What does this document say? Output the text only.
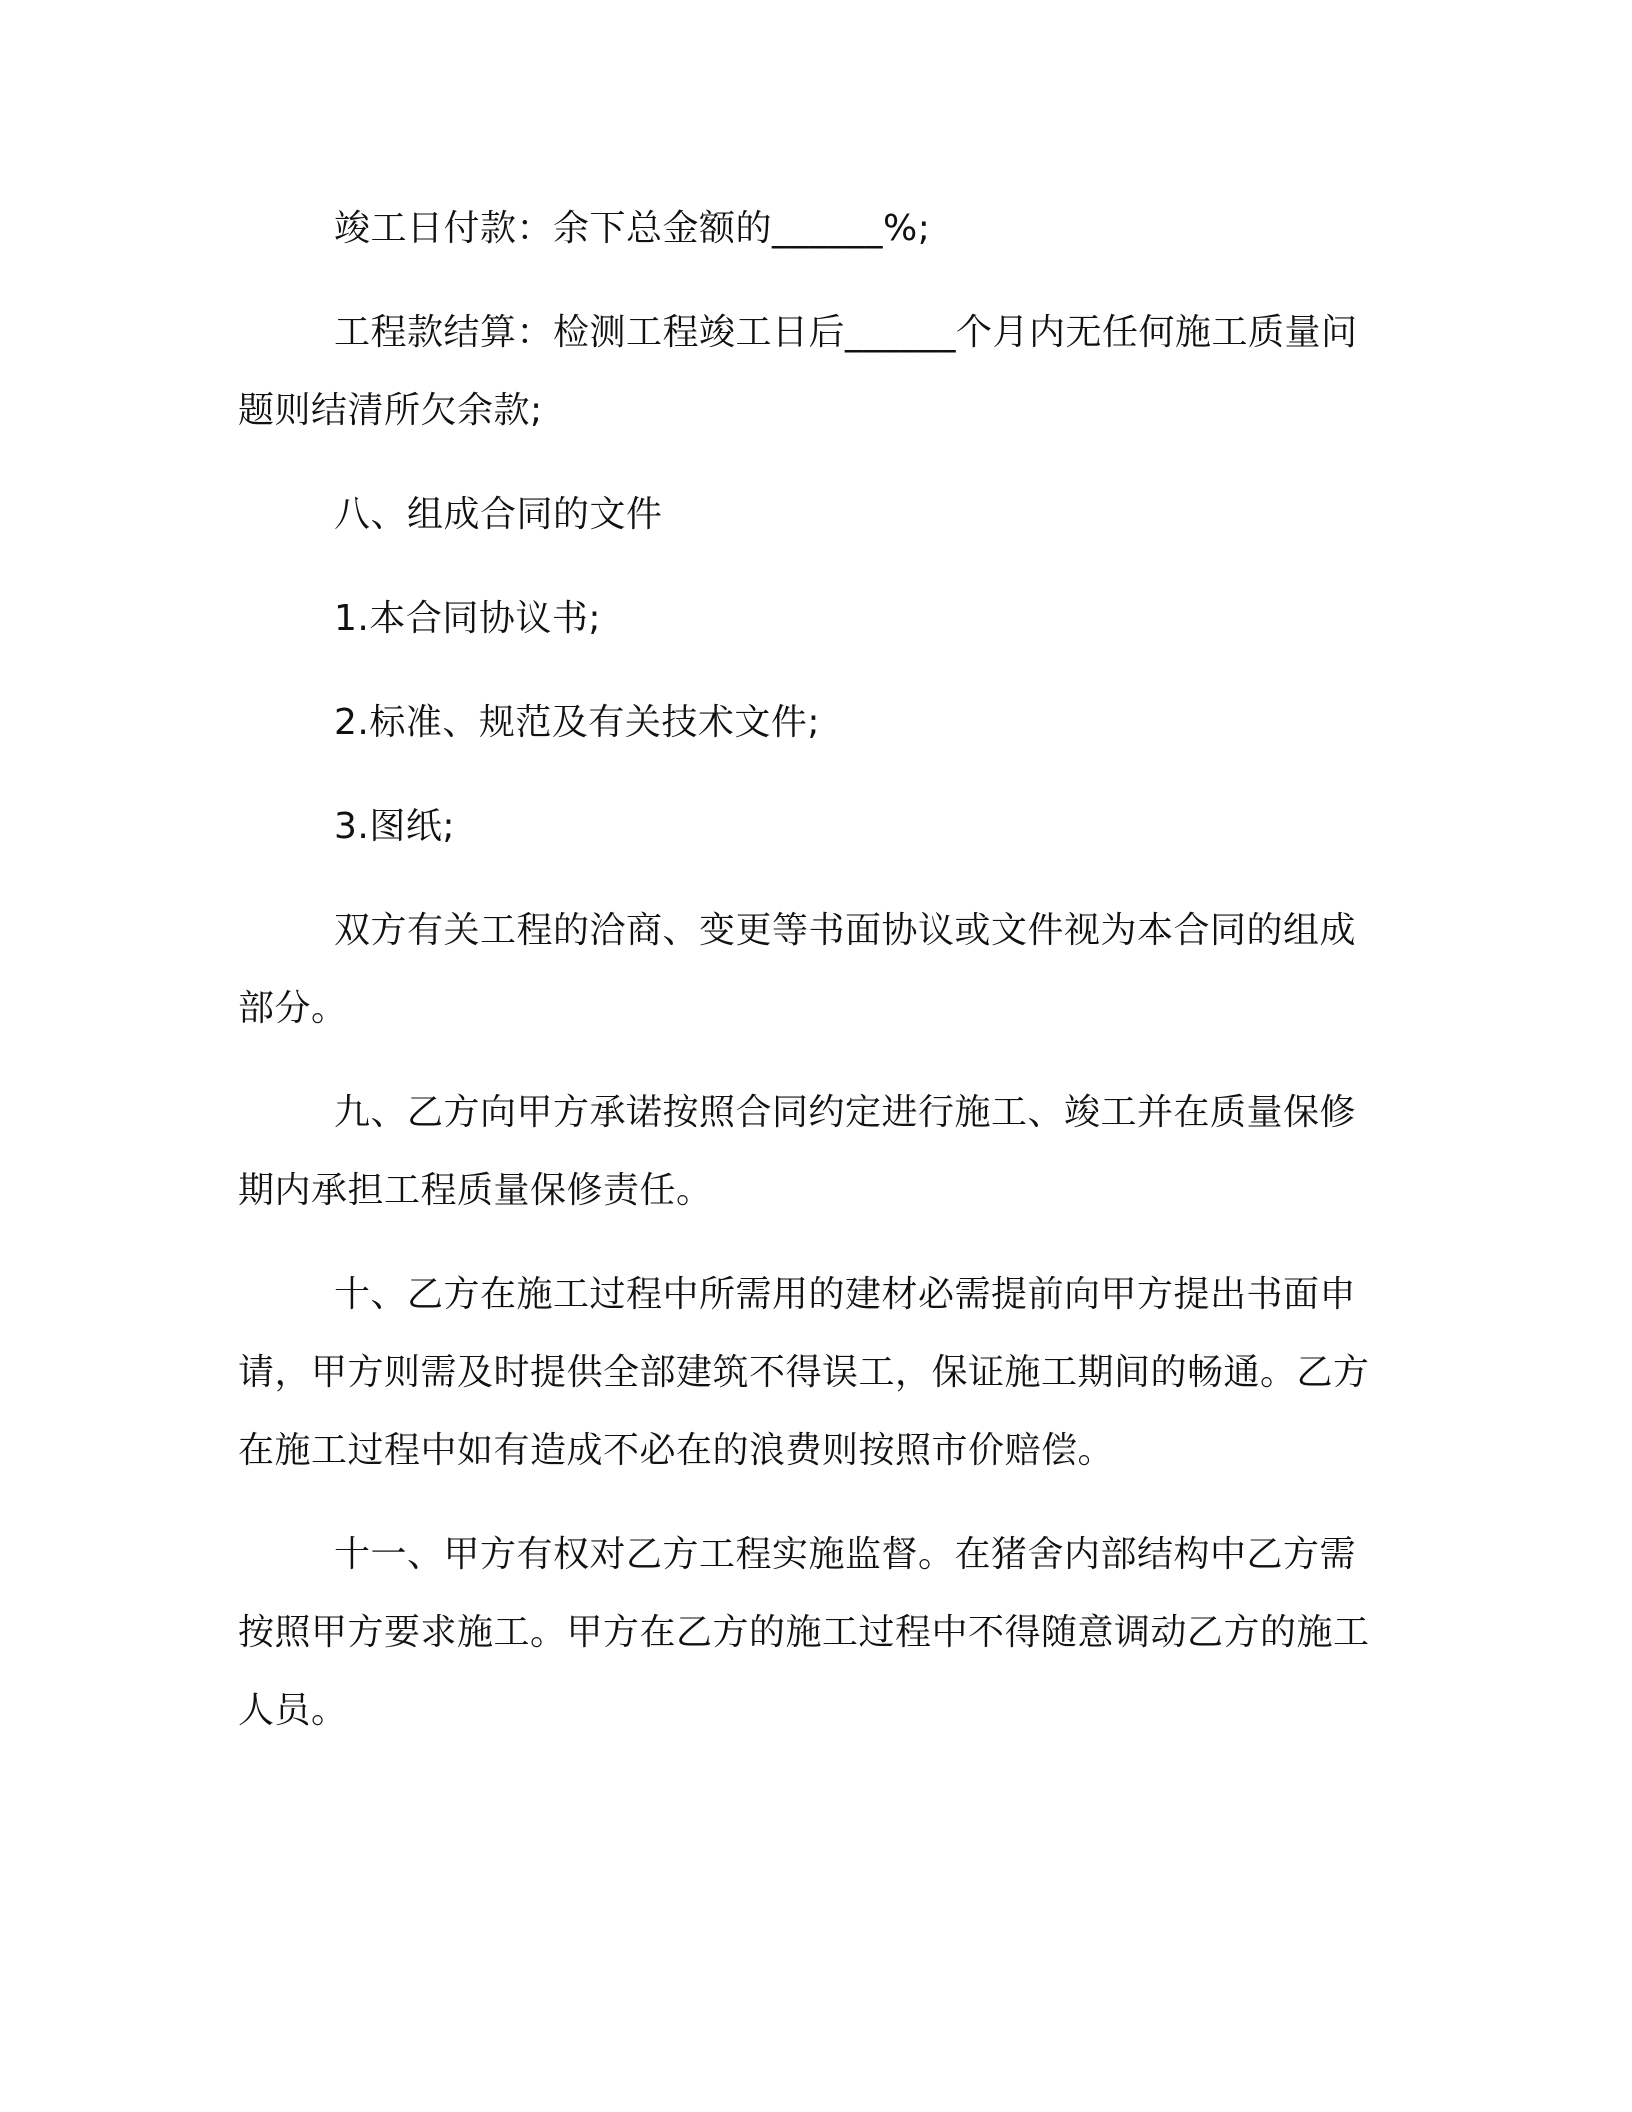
竣工日付款：余下总金额的______%;

工程款结算：检测工程竣工日后______个月内无任何施工质量问题则结清所欠余款;

八、组成合同的文件

1.本合同协议书;

2.标准、规范及有关技术文件;

3.图纸;

双方有关工程的洽商、变更等书面协议或文件视为本合同的组成部分。

九、乙方向甲方承诺按照合同约定进行施工、竣工并在质量保修期内承担工程质量保修责任。

十、乙方在施工过程中所需用的建材必需提前向甲方提出书面申请，甲方则需及时提供全部建筑不得误工，保证施工期间的畅通。乙方在施工过程中如有造成不必在的浪费则按照市价赔偿。

十一、甲方有权对乙方工程实施监督。在猪舍内部结构中乙方需按照甲方要求施工。甲方在乙方的施工过程中不得随意调动乙方的施工人员。
